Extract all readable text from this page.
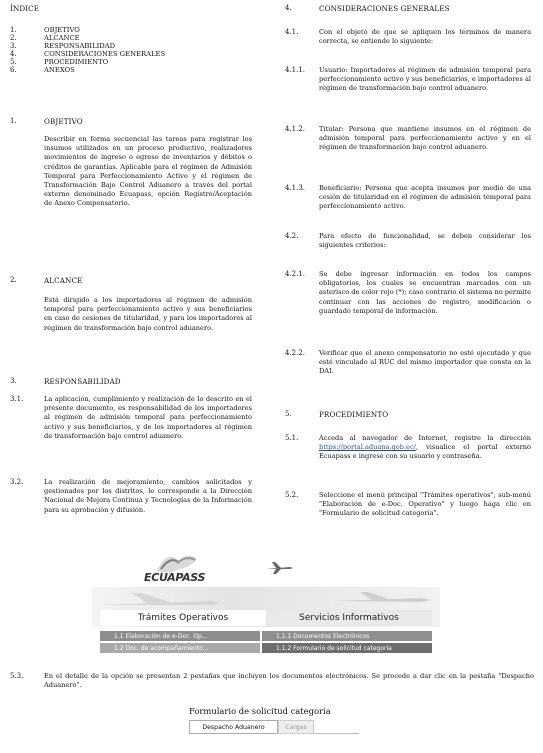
ÍNDICE
1.	OBJETIVO
2.	ALCANCE
3.	RESPONSABILIDAD
4.	CONSIDERACIONES GENERALES
5.	PROCEDIMIENTO
6.	ANEXOS
1.	OBJETIVO
Describir en forma secuencial las tareas para registrar los insumos utilizados en un proceso productivo, realizadores movimientos de ingreso o egreso de inventarios y débitos o créditos de garantías. Aplicable para el régimen de Admisión Temporal para Perfeccionamiento Activo y el régimen de Transformación Bajo Control Aduanero a través del portal externo denominado Ecuapass, opción Registro/Aceptación de Anexo Compensatorio.
2.	ALCANCE
Está dirigido a los importadores al régimen de admisión temporal para perfeccionamiento activo y sus beneficiarios en caso de cesiones de titularidad, y para los importadores al régimen de transformación bajo control aduanero.
3.	RESPONSABILIDAD
3.1.	La aplicación, cumplimiento y realización de lo descrito en el presente documento, es responsabilidad de los importadores al régimen de admisión temporal para perfeccionamiento activo y sus beneficiarios, y de los importadores al régimen de transformación bajo control aduanero.
3.2.	La realización de mejoramiento, cambios solicitados y gestionados por los distritos, le corresponde a la Dirección Nacional de Mejora Continua y Tecnologías de la Información para su aprobación y difusión.
4.	CONSIDERACIONES GENERALES
4.1.	Con el objeto de que se apliquen los términos de manera correcta, se entiende lo siguiente:
4.1.1.	Usuario: Importadores al régimen de admisión temporal para perfeccionamiento activo y sus beneficiarios, e importadores al régimen de transformación bajo control aduanero.
4.1.2.	Titular: Persona que mantiene insumos en el régimen de admisión temporal para perfeccionamiento activo y en el régimen de transformación bajo control aduanero.
4.1.3.	Beneficiario: Persona que acepta insumos por medio de una cesión de titularidad en el régimen de admisión temporal para perfeccionamiento activo.
4.2.	Para efecto de funcionalidad, se deben considerar los siguientes criterios:
4.2.1.	Se debe ingresar información en todos los campos obligatorios, los cuales se encuentran marcados con un asterisco de color rojo (*); caso contrario el sistema no permite continuar con las acciones de registro, modificación o guardado temporal de información.
4.2.2.	Verificar que el anexo compensatorio no esté ejecutado y que esté vinculado al RUC del mismo importador que consta en la DAI.
5.	PROCEDIMIENTO
5.1.	Acceda al navegador de Internet, registre la dirección https://portal.aduana.gob.ec/, visualice el portal externo Ecuapass e ingrese con su usuario y contraseña.
5.2.	Seleccione el menú principal "Trámites operativos", sub-menú "Elaboración de e-Doc. Operativo" y luego haga clic en "Formulario de solicitud categoría".
ECUAPASS
Trámites Operativos	Servicios Informativos
1.1 Elaboración de e-Doc. Op...	1.1.1 Documentos Electrónicos
1.2 Doc. de acompañamiento...	1.1.2 Formulario de solicitud categoría
5.3.	En el detalle de la opción se presentan 2 pestañas que incluyen los documentos electrónicos. Se procede a dar clic en la pestaña "Despacho Aduanero".
Formulario de solicitud categoría
Despacho Aduanero	Cargas
